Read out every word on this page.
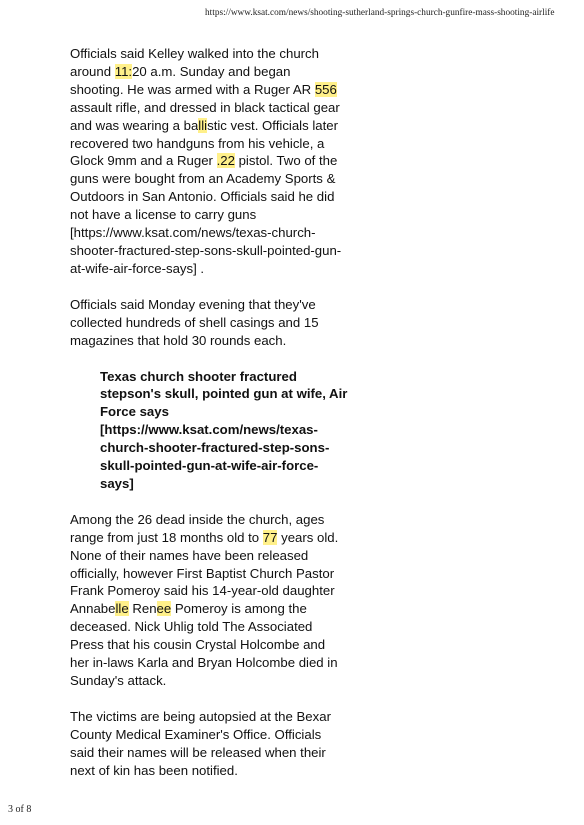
https://www.ksat.com/news/shooting-sutherland-springs-church-gunfire-mass-shooting-airlife

Officials said Kelley walked into the church around 11:20 a.m. Sunday and began shooting. He was armed with a Ruger AR 556 assault rifle, and dressed in black tactical gear and was wearing a ballistic vest. Officials later recovered two handguns from his vehicle, a Glock 9mm and a Ruger .22 pistol. Two of the guns were bought from an Academy Sports & Outdoors in San Antonio. Officials said he did not have a license to carry guns [https://www.ksat.com/news/texas-church-shooter-fractured-step-sons-skull-pointed-gun-at-wife-air-force-says] .

Officials said Monday evening that they've collected hundreds of shell casings and 15 magazines that hold 30 rounds each.

Texas church shooter fractured stepson's skull, pointed gun at wife, Air Force says [https://www.ksat.com/news/texas-church-shooter-fractured-step-sons-skull-pointed-gun-at-wife-air-force-says]

Among the 26 dead inside the church, ages range from just 18 months old to 77 years old. None of their names have been released officially, however First Baptist Church Pastor Frank Pomeroy said his 14-year-old daughter Annabelle Renee Pomeroy is among the deceased. Nick Uhlig told The Associated Press that his cousin Crystal Holcombe and her in-laws Karla and Bryan Holcombe died in Sunday's attack.

The victims are being autopsied at the Bexar County Medical Examiner's Office. Officials said their names will be released when their next of kin has been notified.

3 of 8
